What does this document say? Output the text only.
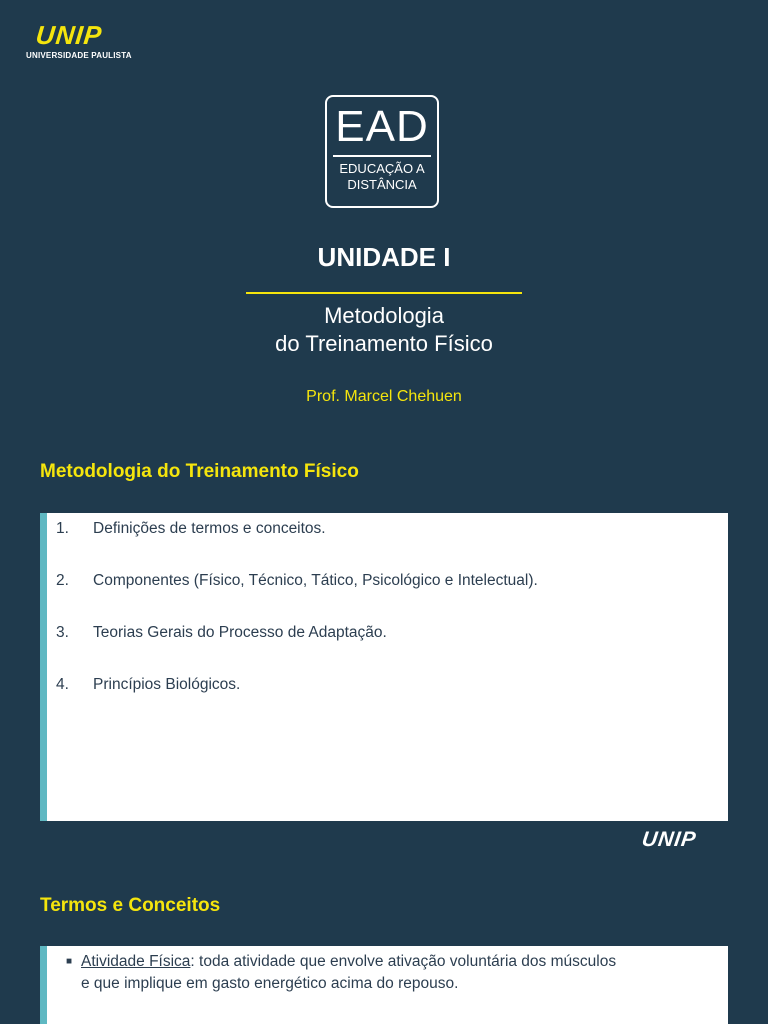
UNIP
UNIVERSIDADE PAULISTA
EAD
EDUCAÇÃO A
DISTÂNCIA
UNIDADE I
Metodologia
do Treinamento Físico
Prof. Marcel Chehuen
Metodologia do Treinamento Físico
1.	Definições de termos e conceitos.
2.	Componentes (Físico, Técnico, Tático, Psicológico e Intelectual).
3.	Teorias Gerais do Processo de Adaptação.
4.	Princípios Biológicos.
UNIP
Termos e Conceitos
■ Atividade Física: toda atividade que envolve ativação voluntária dos músculos
e que implique em gasto energético acima do repouso.
